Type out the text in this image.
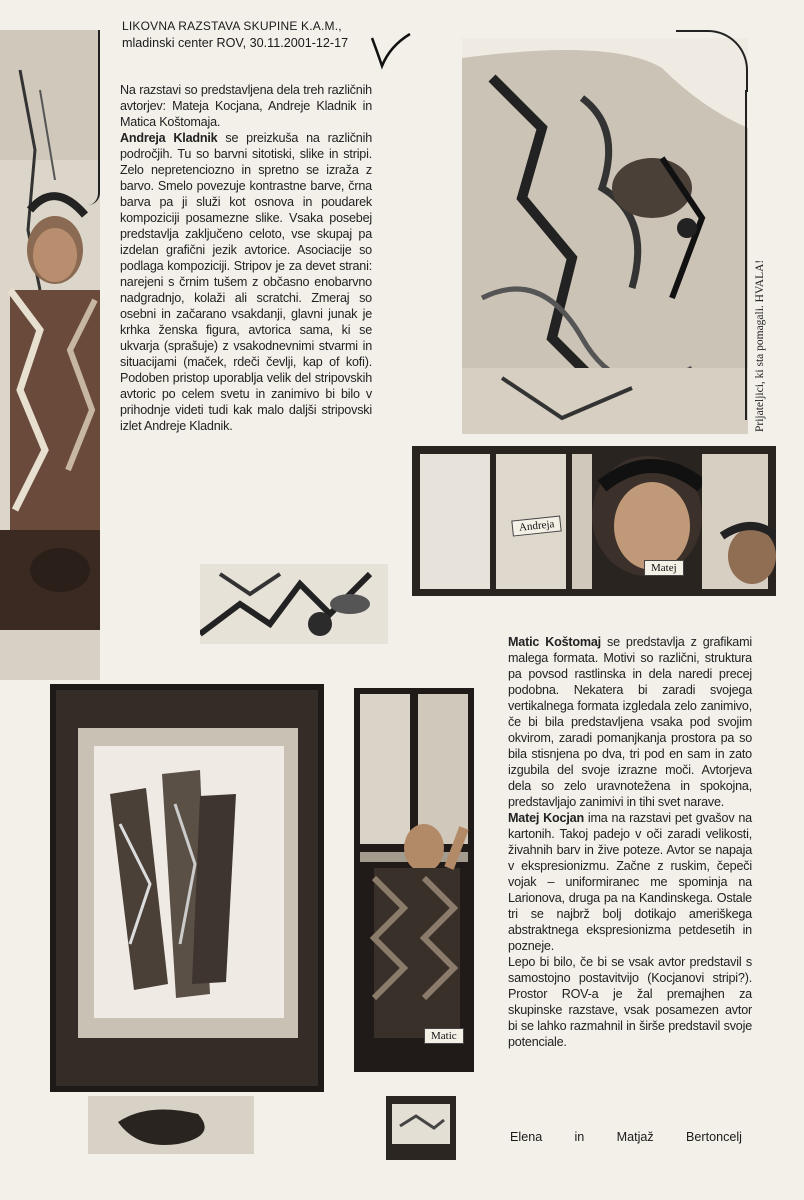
LIKOVNA RAZSTAVA SKUPINE K.A.M.,
mladinski center ROV, 30.11.2001-12-17

Na razstavi so predstavljena dela treh različnih avtorjev: Mateja Kocjana, Andreje Kladnik in Matica Koštomaja.

Andreja Kladnik se preizkuša na različnih področjih. Tu so barvni sitotiski, slike in stripi. Zelo nepretenciozno in spretno se izraža z barvo. Smelo povezuje kontrastne barve, črna barva pa ji služi kot osnova in poudarek kompoziciji posamezne slike. Vsaka posebej predstavlja zaključeno celoto, vse skupaj pa izdelan grafični jezik avtorice. Asociacije so podlaga kompoziciji. Stripov je za devet strani: narejeni s črnim tušem z občasno enobarvno nadgradnjo, kolaži ali scratchi. Zmeraj so osebni in začarano vsakdanji, glavni junak je krhka ženska figura, avtorica sama, ki se ukvarja (sprašuje) z vsakodnevnimi stvarmi in situacijami (maček, rdeči čevlji, kap of kofi). Podoben pristop uporablja velik del stripovskih avtoric po celem svetu in zanimivo bi bilo v prihodnje videti tudi kak malo daljši stripovski izlet Andreje Kladnik.	Prijateljici, ki sta pomagali. HVALA!
Andreja
Matej
Matic

Matic Koštomaj se predstavlja z grafikami malega formata. Motivi so različni, struktura pa povsod rastlinska in dela naredi precej podobna. Nekatera bi zaradi svojega vertikalnega formata izgledala zelo zanimivo, če bi bila predstavljena vsaka pod svojim okvirom, zaradi pomanjkanja prostora pa so bila stisnjena po dva, tri pod en sam in zato izgubila del svoje izrazne moči. Avtorjeva dela so zelo uravnotežena in spokojna, predstavljajo zanimivi in tihi svet narave.

Matej Kocjan ima na razstavi pet gvašov na kartonih. Takoj padejo v oči zaradi velikosti, živahnih barv in žive poteze. Avtor se napaja v ekspresionizmu. Začne z ruskim, čepeči vojak – uniformiranec me spominja na Larionova, druga pa na Kandinskega. Ostale tri se najbrž bolj dotikajo ameriškega abstraktnega ekspresionizma petdesetih in pozneje.

Lepo bi bilo, če bi se vsak avtor predstavil s samostojno postavitvijo (Kocjanovi stripi?). Prostor ROV-a je žal premajhen za skupinske razstave, vsak posamezen avtor bi se lahko razmahnil in širše predstavil svoje potenciale.

Elena	in	Matjaž	Bertoncelj
